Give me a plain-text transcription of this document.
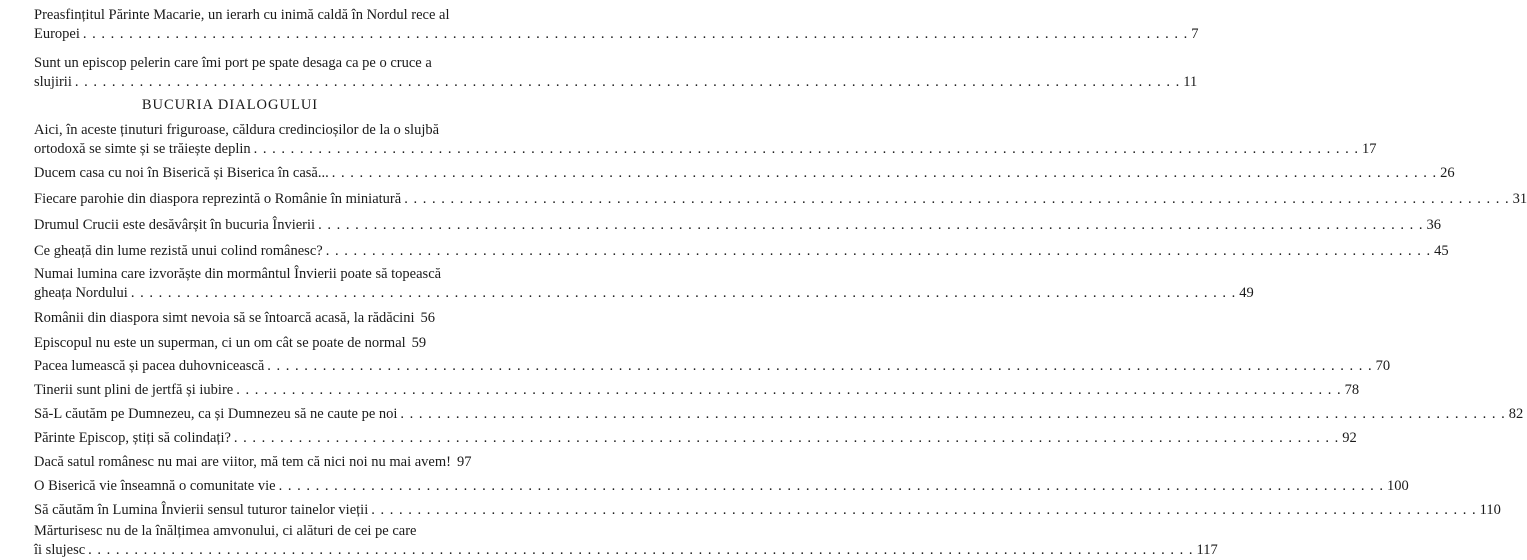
Preasfințitul Părinte Macarie, un ierarh cu inimă caldă în Nordul rece al
Europei . . .	7
Sunt un episcop pelerin care îmi port pe spate desaga ca pe o cruce a
slujirii . . .	11
BUCURIA DIALOGULUI
Aici, în aceste ținuturi friguroase, căldura credincioșilor de la o slujbă
ortodoxă se simte și se trăiește deplin . . .	17
Ducem casa cu noi în Biserică și Biserica în casă... . . .	26
Fiecare parohie din diaspora reprezintă o Românie în miniatură . . .	31
Drumul Crucii este desăvârșit în bucuria Învierii . . .	36
Ce gheață din lume rezistă unui colind românesc? . . .	45
Numai lumina care izvorăște din mormântul Învierii poate să topească
gheața Nordului . . .	49
Românii din diaspora simt nevoia să se întoarcă acasă, la rădăcini 56
Episcopul nu este un superman, ci un om cât se poate de normal 59
Pacea lumească și pacea duhovnicească . . .	70
Tinerii sunt plini de jertfă și iubire . . .	78
Să-L căutăm pe Dumnezeu, ca și Dumnezeu să ne caute pe noi . . .	82
Părinte Episcop, știți să colindați? . . .	92
Dacă satul românesc nu mai are viitor, mă tem că nici noi nu mai avem! 97
O Biserică vie înseamnă o comunitate vie . . .	100
Să căutăm în Lumina Învierii sensul tuturor tainelor vieții . . .	110
Mărturisesc nu de la înălțimea amvonului, ci alături de cei pe care
îi slujesc . . .	117
